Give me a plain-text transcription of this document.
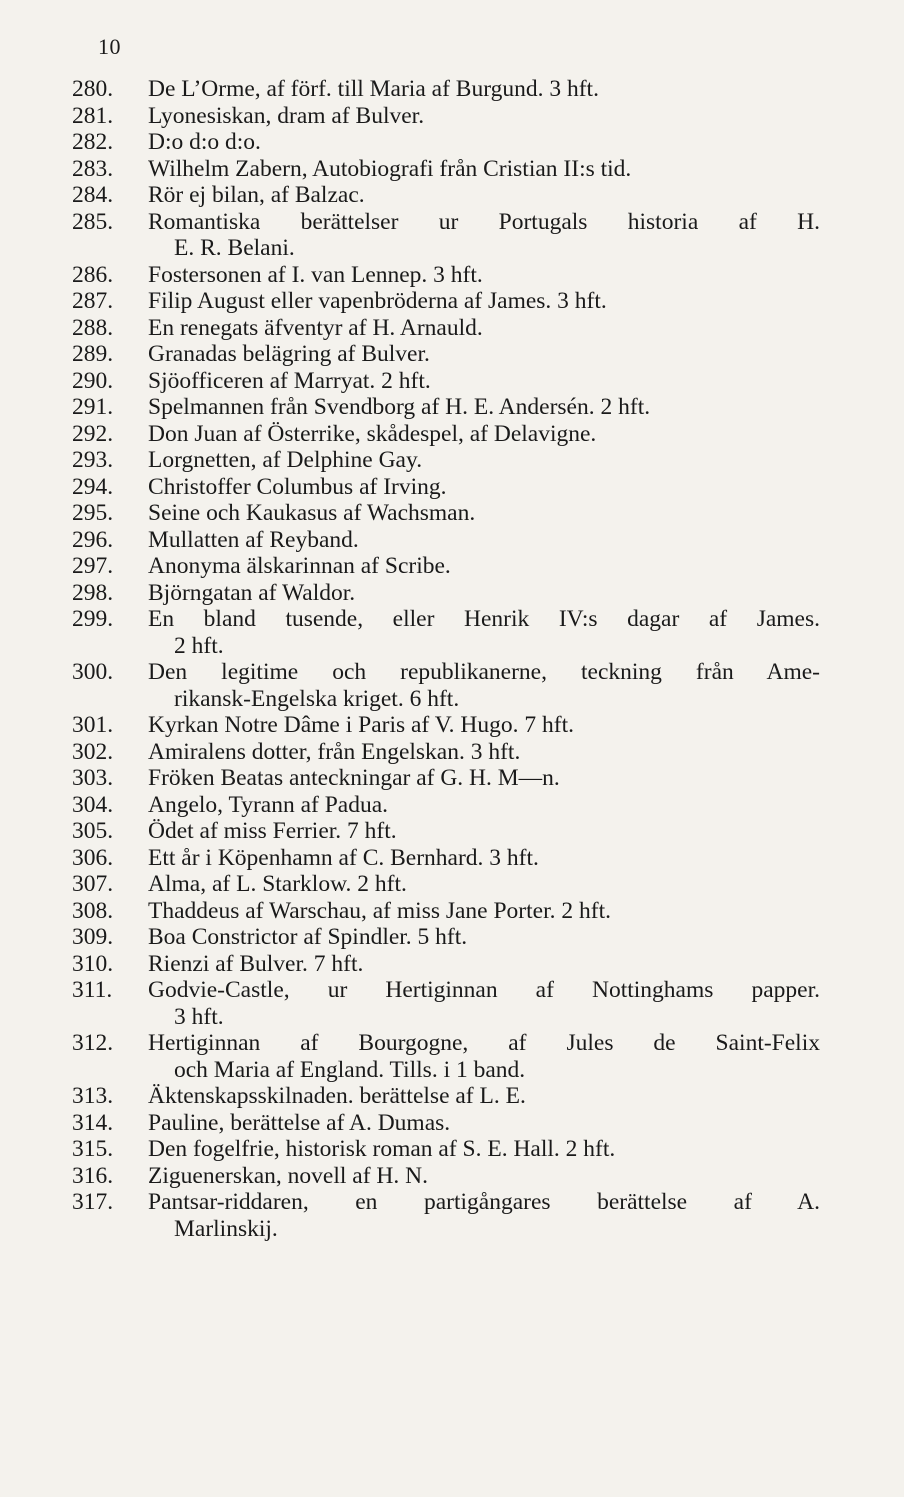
10
280.	De L’Orme, af förf. till Maria af Burgund. 3 hft.
281.	Lyonesiskan, dram af Bulver.
282.	D:o d:o d:o.
283.	Wilhelm Zabern, Autobiografi från Cristian II:s tid.
284.	Rör ej bilan, af Balzac.
285.	Romantiska berättelser ur Portugals historia af H.
E. R. Belani.
286.	Fostersonen af I. van Lennep. 3 hft.
287.	Filip August eller vapenbröderna af James. 3 hft.
288.	En renegats äfventyr af H. Arnauld.
289.	Granadas belägring af Bulver.
290.	Sjöofficeren af Marryat. 2 hft.
291.	Spelmannen från Svendborg af H. E. Andersén. 2 hft.
292.	Don Juan af Österrike, skådespel, af Delavigne.
293.	Lorgnetten, af Delphine Gay.
294.	Christoffer Columbus af Irving.
295.	Seine och Kaukasus af Wachsman.
296.	Mullatten af Reyband.
297.	Anonyma älskarinnan af Scribe.
298.	Björngatan af Waldor.
299.	En bland tusende, eller Henrik IV:s dagar af James.
2 hft.
300.	Den legitime och republikanerne, teckning från Ame-
rikansk-Engelska kriget. 6 hft.
301.	Kyrkan Notre Dâme i Paris af V. Hugo. 7 hft.
302.	Amiralens dotter, från Engelskan. 3 hft.
303.	Fröken Beatas anteckningar af G. H. M—n.
304.	Angelo, Tyrann af Padua.
305.	Ödet af miss Ferrier. 7 hft.
306.	Ett år i Köpenhamn af C. Bernhard. 3 hft.
307.	Alma, af L. Starklow. 2 hft.
308.	Thaddeus af Warschau, af miss Jane Porter. 2 hft.
309.	Boa Constrictor af Spindler. 5 hft.
310.	Rienzi af Bulver. 7 hft.
311.	Godvie-Castle, ur Hertiginnan af Nottinghams papper.
3 hft.
312.	Hertiginnan af Bourgogne, af Jules de Saint-Felix
och Maria af England. Tills. i 1 band.
313.	Äktenskapsskilnaden. berättelse af L. E.
314.	Pauline, berättelse af A. Dumas.
315.	Den fogelfrie, historisk roman af S. E. Hall. 2 hft.
316.	Ziguenerskan, novell af H. N.
317.	Pantsar-riddaren, en partigångares berättelse af A.
Marlinskij.
